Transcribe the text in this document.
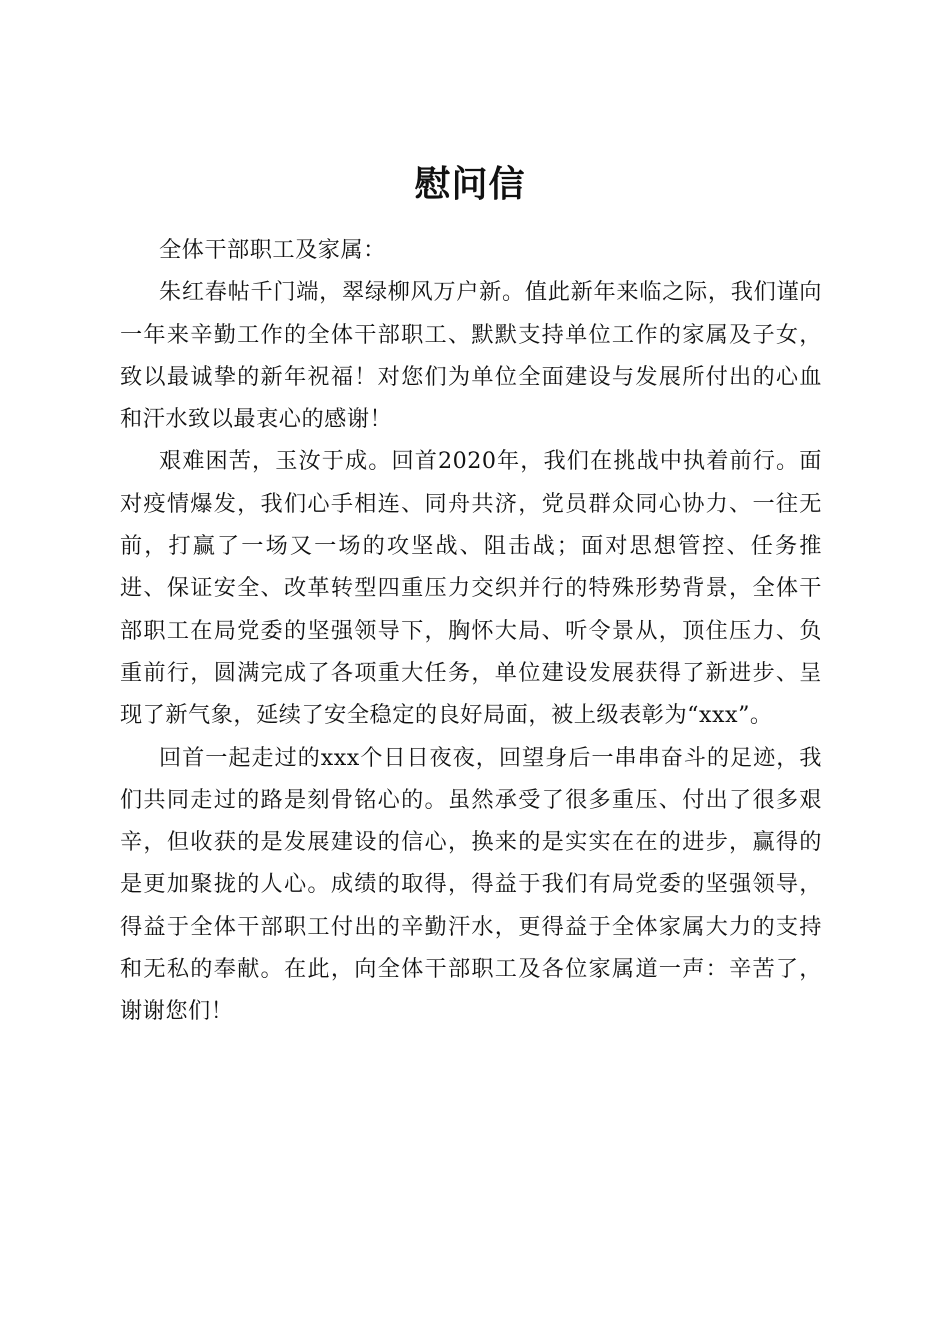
慰问信

全体干部职工及家属：

朱红春帖千门端，翠绿柳风万户新。值此新年来临之际，我们谨向一年来辛勤工作的全体干部职工、默默支持单位工作的家属及子女，致以最诚挚的新年祝福！对您们为单位全面建设与发展所付出的心血和汗水致以最衷心的感谢！

艰难困苦，玉汝于成。回首2020年，我们在挑战中执着前行。面对疫情爆发，我们心手相连、同舟共济，党员群众同心协力、一往无前，打赢了一场又一场的攻坚战、阻击战；面对思想管控、任务推进、保证安全、改革转型四重压力交织并行的特殊形势背景，全体干部职工在局党委的坚强领导下，胸怀大局、听令景从，顶住压力、负重前行，圆满完成了各项重大任务，单位建设发展获得了新进步、呈现了新气象，延续了安全稳定的良好局面，被上级表彰为“xxx”。

回首一起走过的xxx个日日夜夜，回望身后一串串奋斗的足迹，我们共同走过的路是刻骨铭心的。虽然承受了很多重压、付出了很多艰辛，但收获的是发展建设的信心，换来的是实实在在的进步，赢得的是更加聚拢的人心。成绩的取得，得益于我们有局党委的坚强领导，得益于全体干部职工付出的辛勤汗水，更得益于全体家属大力的支持和无私的奉献。在此，向全体干部职工及各位家属道一声：辛苦了，谢谢您们！
